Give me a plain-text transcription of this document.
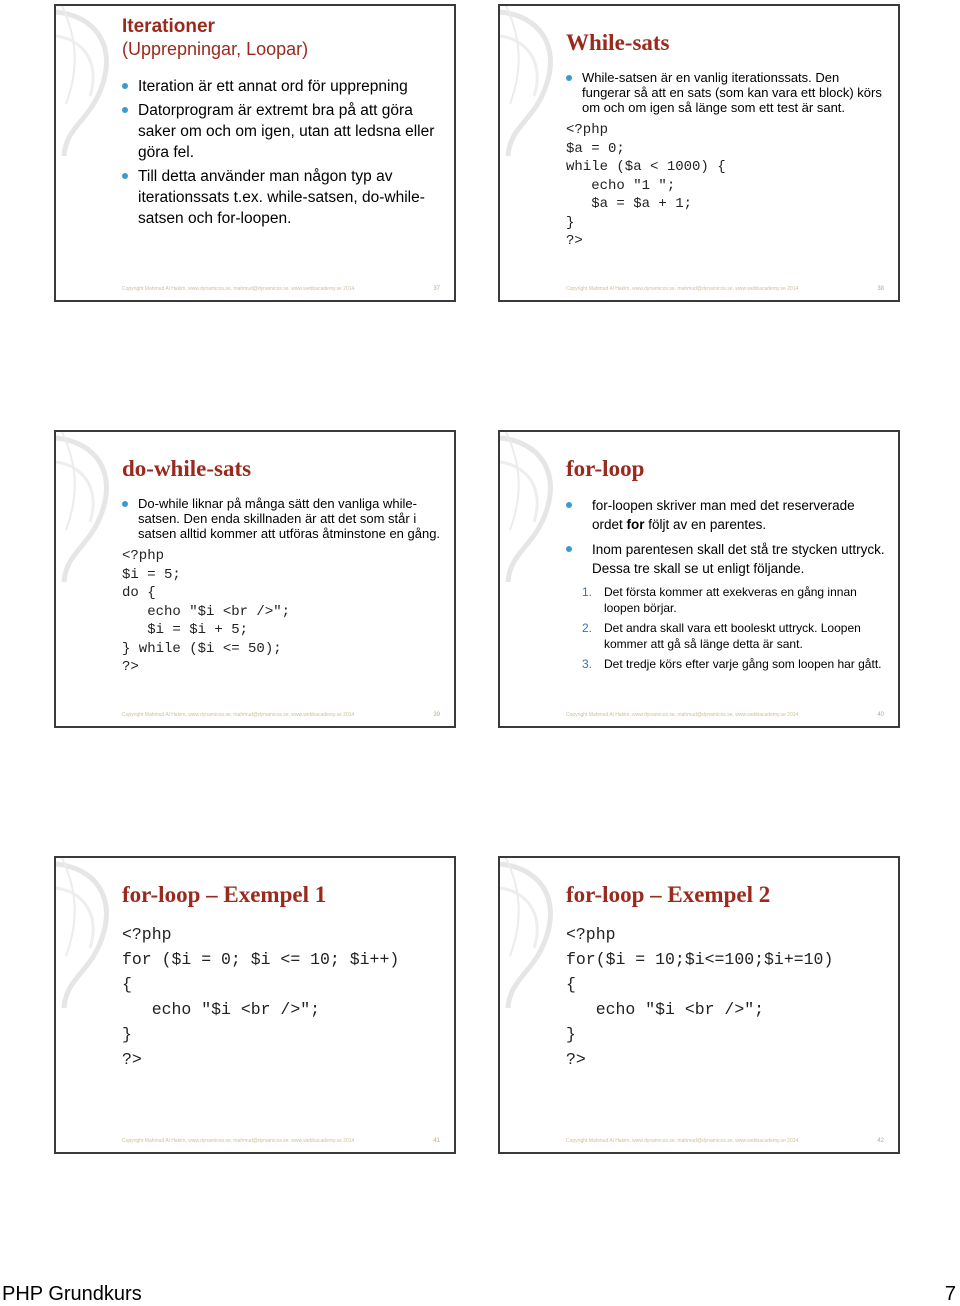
Iterationer
(Upprepningar, Loopar)
Iteration är ett annat ord för upprepning
Datorprogram är extremt bra på att göra saker om och om igen, utan att ledsna eller göra fel.
Till detta använder man någon typ av iterationssats t.ex. while-satsen, do-while-satsen och for-loopen.
Copyright Mahmud Al Hakim, www.dynamicos.se, mahmud@dynamicos.se, www.webbacademy.se 2014	37
While-sats
While-satsen är en vanlig iterationssats. Den fungerar så att en sats (som kan vara ett block) körs om och om igen så länge som ett test är sant.
<?php
$a = 0;
while ($a < 1000) {
echo "1 ";
$a = $a + 1;
}
?>
Copyright Mahmud Al Hakim, www.dynamicos.se, mahmud@dynamicos.se, www.webbacademy.se 2014	38
do-while-sats
Do-while liknar på många sätt den vanliga while-satsen. Den enda skillnaden är att det som står i satsen alltid kommer att utföras åtminstone en gång.
<?php
$i = 5;
do {
echo "$i <br />";
$i = $i + 5;
} while ($i <= 50);
?>
Copyright Mahmud Al Hakim, www.dynamicos.se, mahmud@dynamicos.se, www.webbacademy.se 2014	39
for-loop
for-loopen skriver man med det reserverade ordet for följt av en parentes.
Inom parentesen skall det stå tre stycken uttryck. Dessa tre skall se ut enligt följande.
1. Det första kommer att exekveras en gång innan loopen börjar.
2. Det andra skall vara ett booleskt uttryck. Loopen kommer att gå så länge detta är sant.
3. Det tredje körs efter varje gång som loopen har gått.
Copyright Mahmud Al Hakim, www.dynamicos.se, mahmud@dynamicos.se, www.webbacademy.se 2014	40
for-loop – Exempel 1
<?php
for ($i = 0; $i <= 10; $i++)
{
echo "$i <br />";
}
?>
Copyright Mahmud Al Hakim, www.dynamicos.se, mahmud@dynamicos.se, www.webbacademy.se 2014	41
for-loop – Exempel 2
<?php
for($i = 10;$i<=100;$i+=10)
{
echo "$i <br />";
}
?>
Copyright Mahmud Al Hakim, www.dynamicos.se, mahmud@dynamicos.se, www.webbacademy.se 2014	42
PHP Grundkurs	7
